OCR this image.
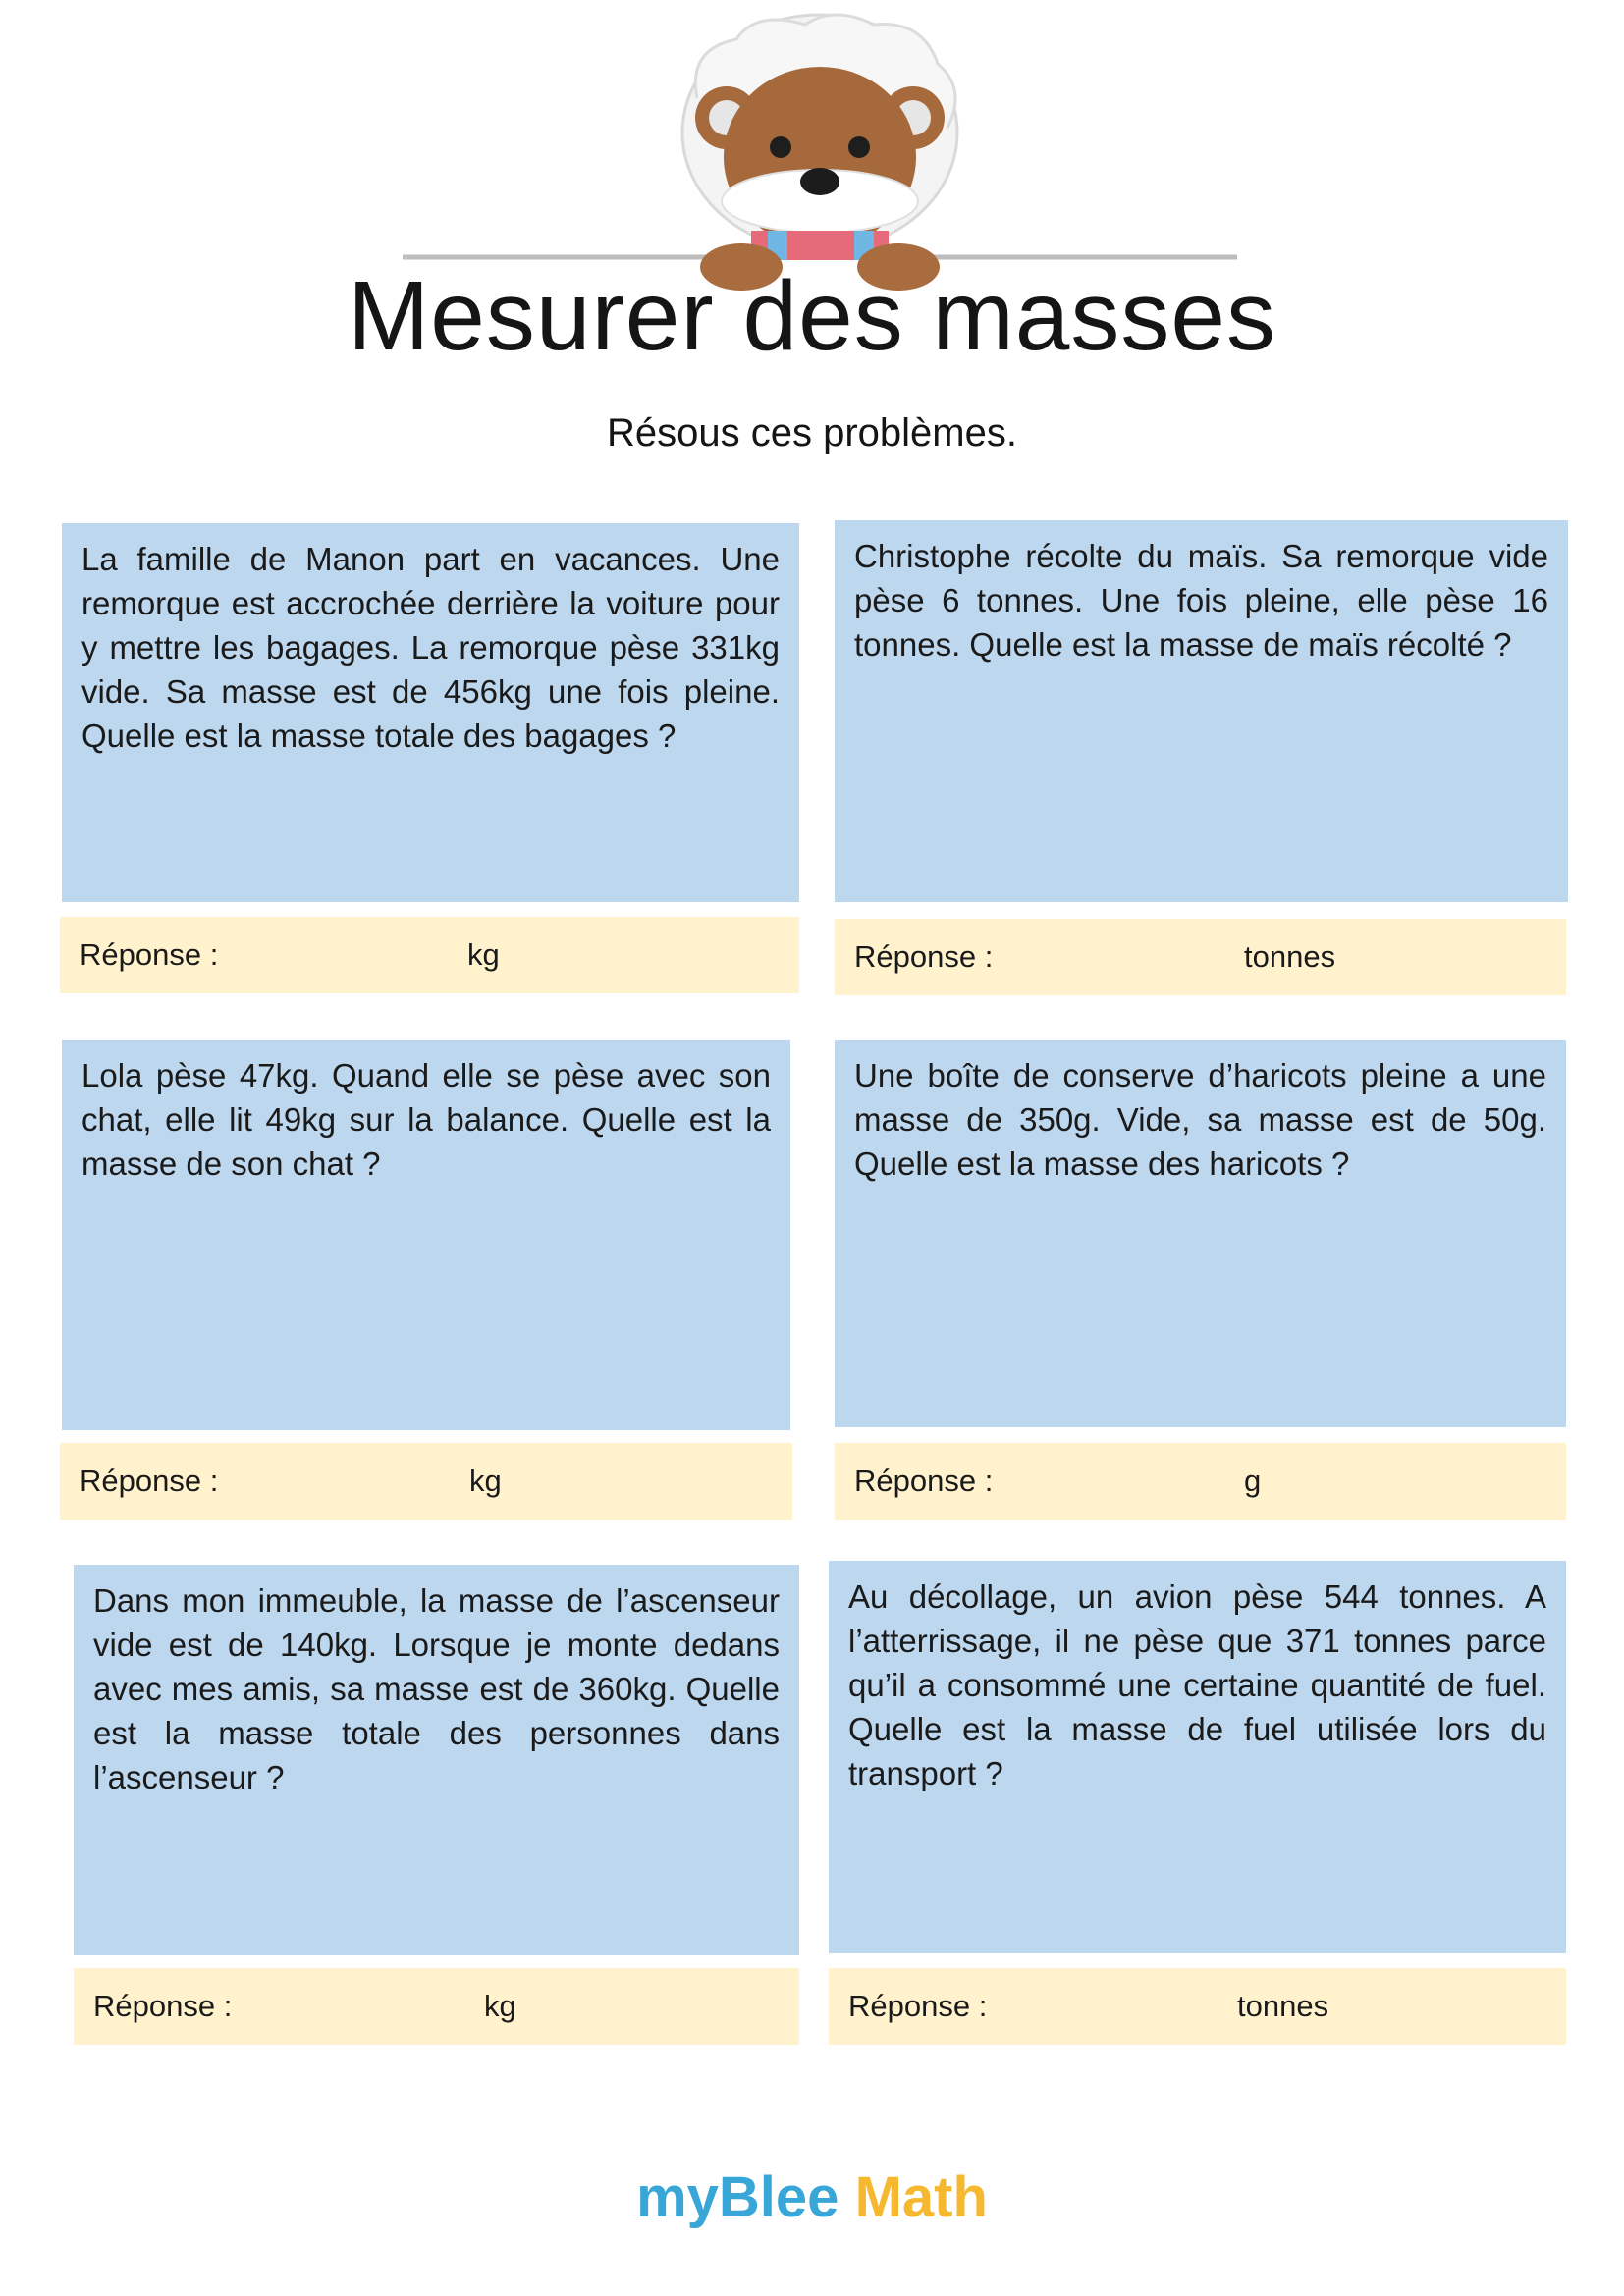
Mesurer des masses
Résous ces problèmes.
La famille de Manon part en vacances. Une remorque est accrochée derrière la voiture pour y mettre les bagages. La remorque pèse 331kg vide. Sa masse est de 456kg une fois pleine. Quelle est la masse totale des bagages ?
Réponse :	kg
Christophe récolte du maïs. Sa remorque vide pèse 6 tonnes. Une fois pleine, elle pèse 16 tonnes. Quelle est la masse de maïs récolté ?
Réponse :	tonnes
Lola pèse 47kg. Quand elle se pèse avec son chat, elle lit 49kg sur la balance. Quelle est la masse de son chat ?
Réponse :	kg
Une boîte de conserve d’haricots pleine a une masse de 350g. Vide, sa masse est de 50g. Quelle est la masse des haricots ?
Réponse :	g
Dans mon immeuble, la masse de l’ascenseur vide est de 140kg. Lorsque je monte dedans avec mes amis, sa masse est de 360kg. Quelle est la masse totale des personnes dans l’ascenseur ?
Réponse :	kg
Au décollage, un avion pèse 544 tonnes. A l’atterrissage, il ne pèse que 371 tonnes parce qu’il a consommé une certaine quantité de fuel. Quelle est la masse de fuel utilisée lors du transport ?
Réponse :	tonnes
myBlee Math
